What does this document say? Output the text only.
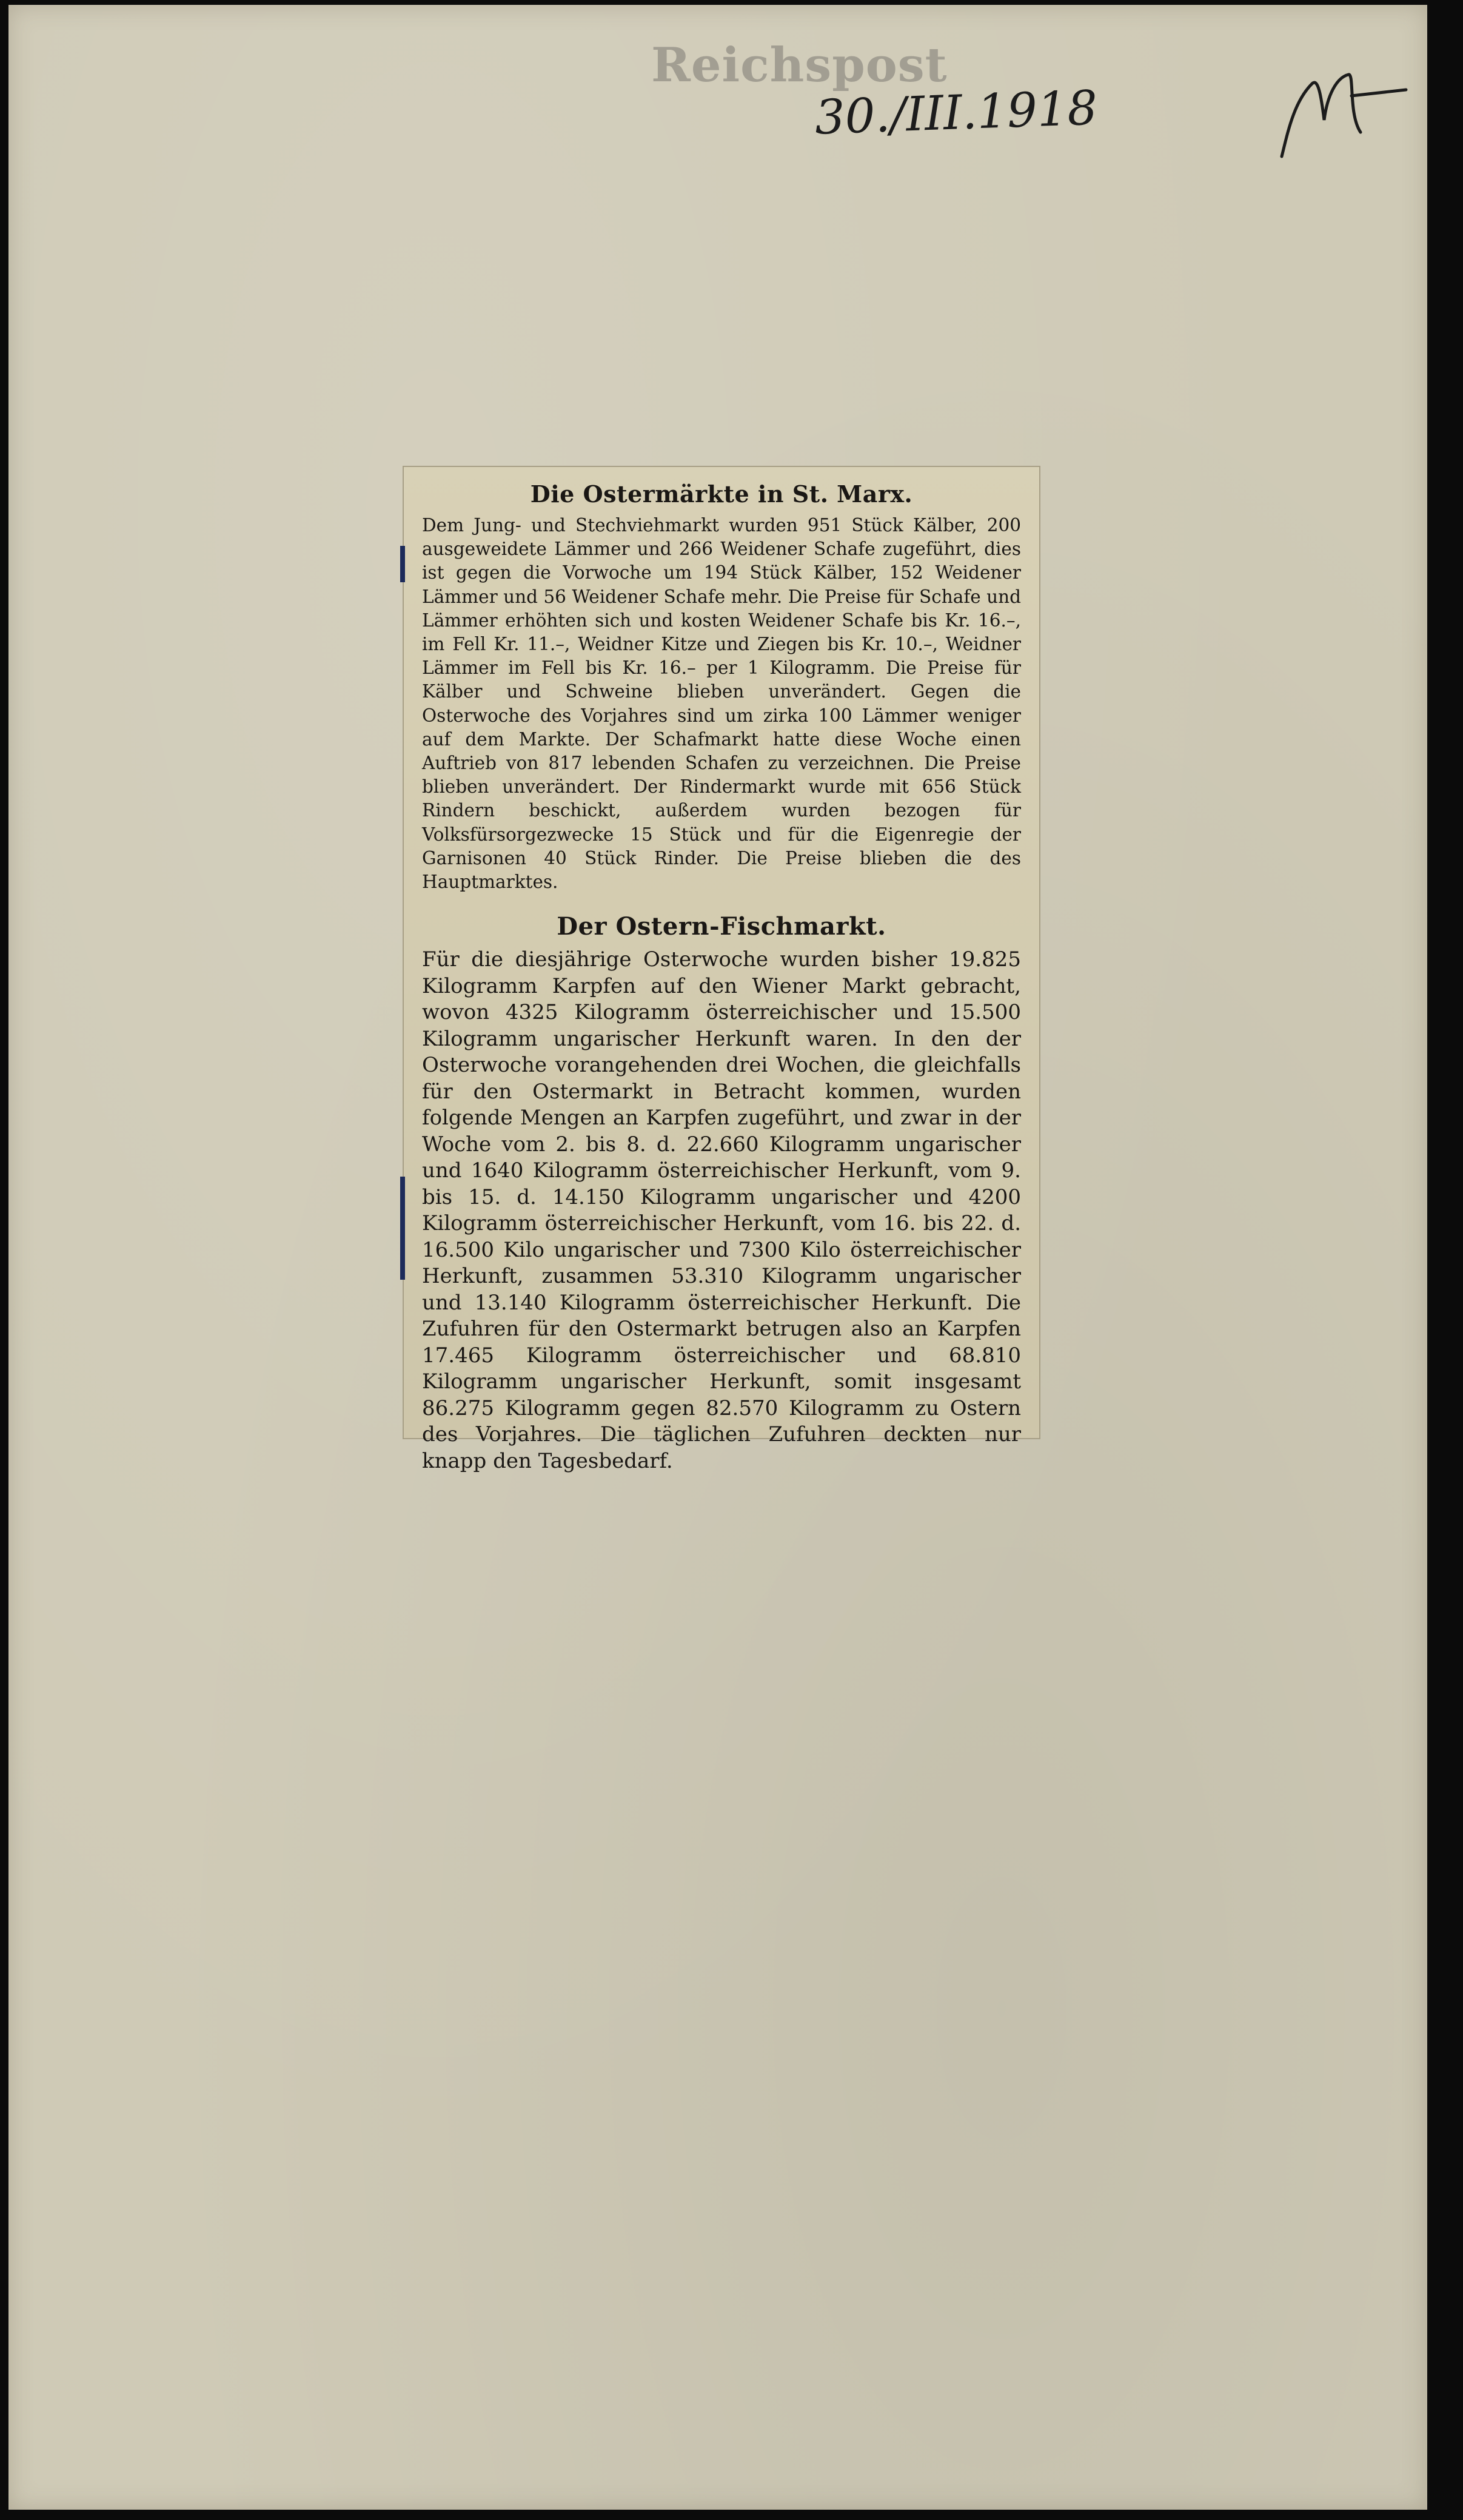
Reichspost
30./III.1918
Die Ostermärkte in St. Marx.

Dem Jung- und Stechviehmarkt wurden 951 Stück Kälber, 200 ausgeweidete Lämmer und 266 Weidener Schafe zugeführt, dies ist gegen die Vorwoche um 194 Stück Kälber, 152 Weidener Lämmer und 56 Weidener Schafe mehr. Die Preise für Schafe und Lämmer erhöhten sich und kosten Weidener Schafe bis Kr. 16.–, im Fell Kr. 11.–, Weidner Kitze und Ziegen bis Kr. 10.–, Weidner Lämmer im Fell bis Kr. 16.– per 1 Kilogramm. Die Preise für Kälber und Schweine blieben unverändert. Gegen die Osterwoche des Vorjahres sind um zirka 100 Lämmer weniger auf dem Markte. Der Schafmarkt hatte diese Woche einen Auftrieb von 817 lebenden Schafen zu verzeichnen. Die Preise blieben unverändert. Der Rindermarkt wurde mit 656 Stück Rindern beschickt, außerdem wurden bezogen für Volksfürsorgezwecke 15 Stück und für die Eigenregie der Garnisonen 40 Stück Rinder. Die Preise blieben die des Hauptmarktes.

Der Ostern-Fischmarkt.

Für die diesjährige Osterwoche wurden bisher 19.825 Kilogramm Karpfen auf den Wiener Markt gebracht, wovon 4325 Kilogramm österreichischer und 15.500 Kilogramm ungarischer Herkunft waren. In den der Osterwoche vorangehenden drei Wochen, die gleichfalls für den Ostermarkt in Betracht kommen, wurden folgende Mengen an Karpfen zugeführt, und zwar in der Woche vom 2. bis 8. d. 22.660 Kilogramm ungarischer und 1640 Kilogramm österreichischer Herkunft, vom 9. bis 15. d. 14.150 Kilogramm ungarischer und 4200 Kilogramm österreichischer Herkunft, vom 16. bis 22. d. 16.500 Kilo ungarischer und 7300 Kilo österreichischer Herkunft, zusammen 53.310 Kilogramm ungarischer und 13.140 Kilogramm österreichischer Herkunft. Die Zufuhren für den Ostermarkt betrugen also an Karpfen 17.465 Kilogramm österreichischer und 68.810 Kilogramm ungarischer Herkunft, somit insgesamt 86.275 Kilogramm gegen 82.570 Kilogramm zu Ostern des Vorjahres. Die täglichen Zufuhren deckten nur knapp den Tagesbedarf.
